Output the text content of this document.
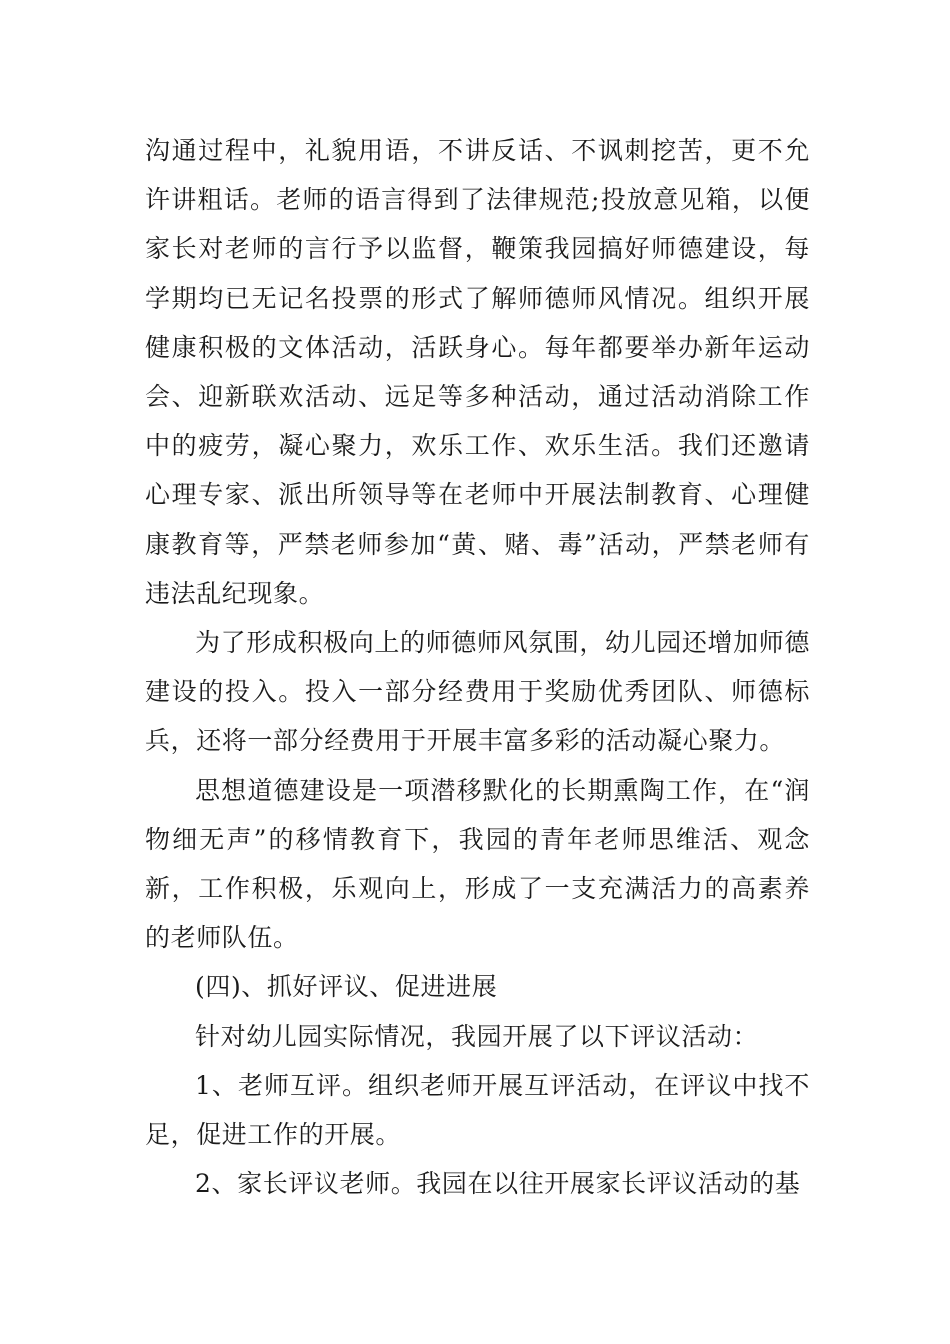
沟通过程中，礼貌用语，不讲反话、不讽刺挖苦，更不允许讲粗话。老师的语言得到了法律规范;投放意见箱，以便家长对老师的言行予以监督，鞭策我园搞好师德建设，每学期均已无记名投票的形式了解师德师风情况。组织开展健康积极的文体活动，活跃身心。每年都要举办新年运动会、迎新联欢活动、远足等多种活动，通过活动消除工作中的疲劳，凝心聚力，欢乐工作、欢乐生活。我们还邀请心理专家、派出所领导等在老师中开展法制教育、心理健康教育等，严禁老师参加“黄、赌、毒”活动，严禁老师有违法乱纪现象。

为了形成积极向上的师德师风氛围，幼儿园还增加师德建设的投入。投入一部分经费用于奖励优秀团队、师德标兵，还将一部分经费用于开展丰富多彩的活动凝心聚力。

思想道德建设是一项潜移默化的长期熏陶工作，在“润物细无声”的移情教育下，我园的青年老师思维活、观念新，工作积极，乐观向上，形成了一支充满活力的高素养的老师队伍。

(四)、抓好评议、促进进展

针对幼儿园实际情况，我园开展了以下评议活动：

1、老师互评。组织老师开展互评活动，在评议中找不足，促进工作的开展。

2、家长评议老师。我园在以往开展家长评议活动的基
